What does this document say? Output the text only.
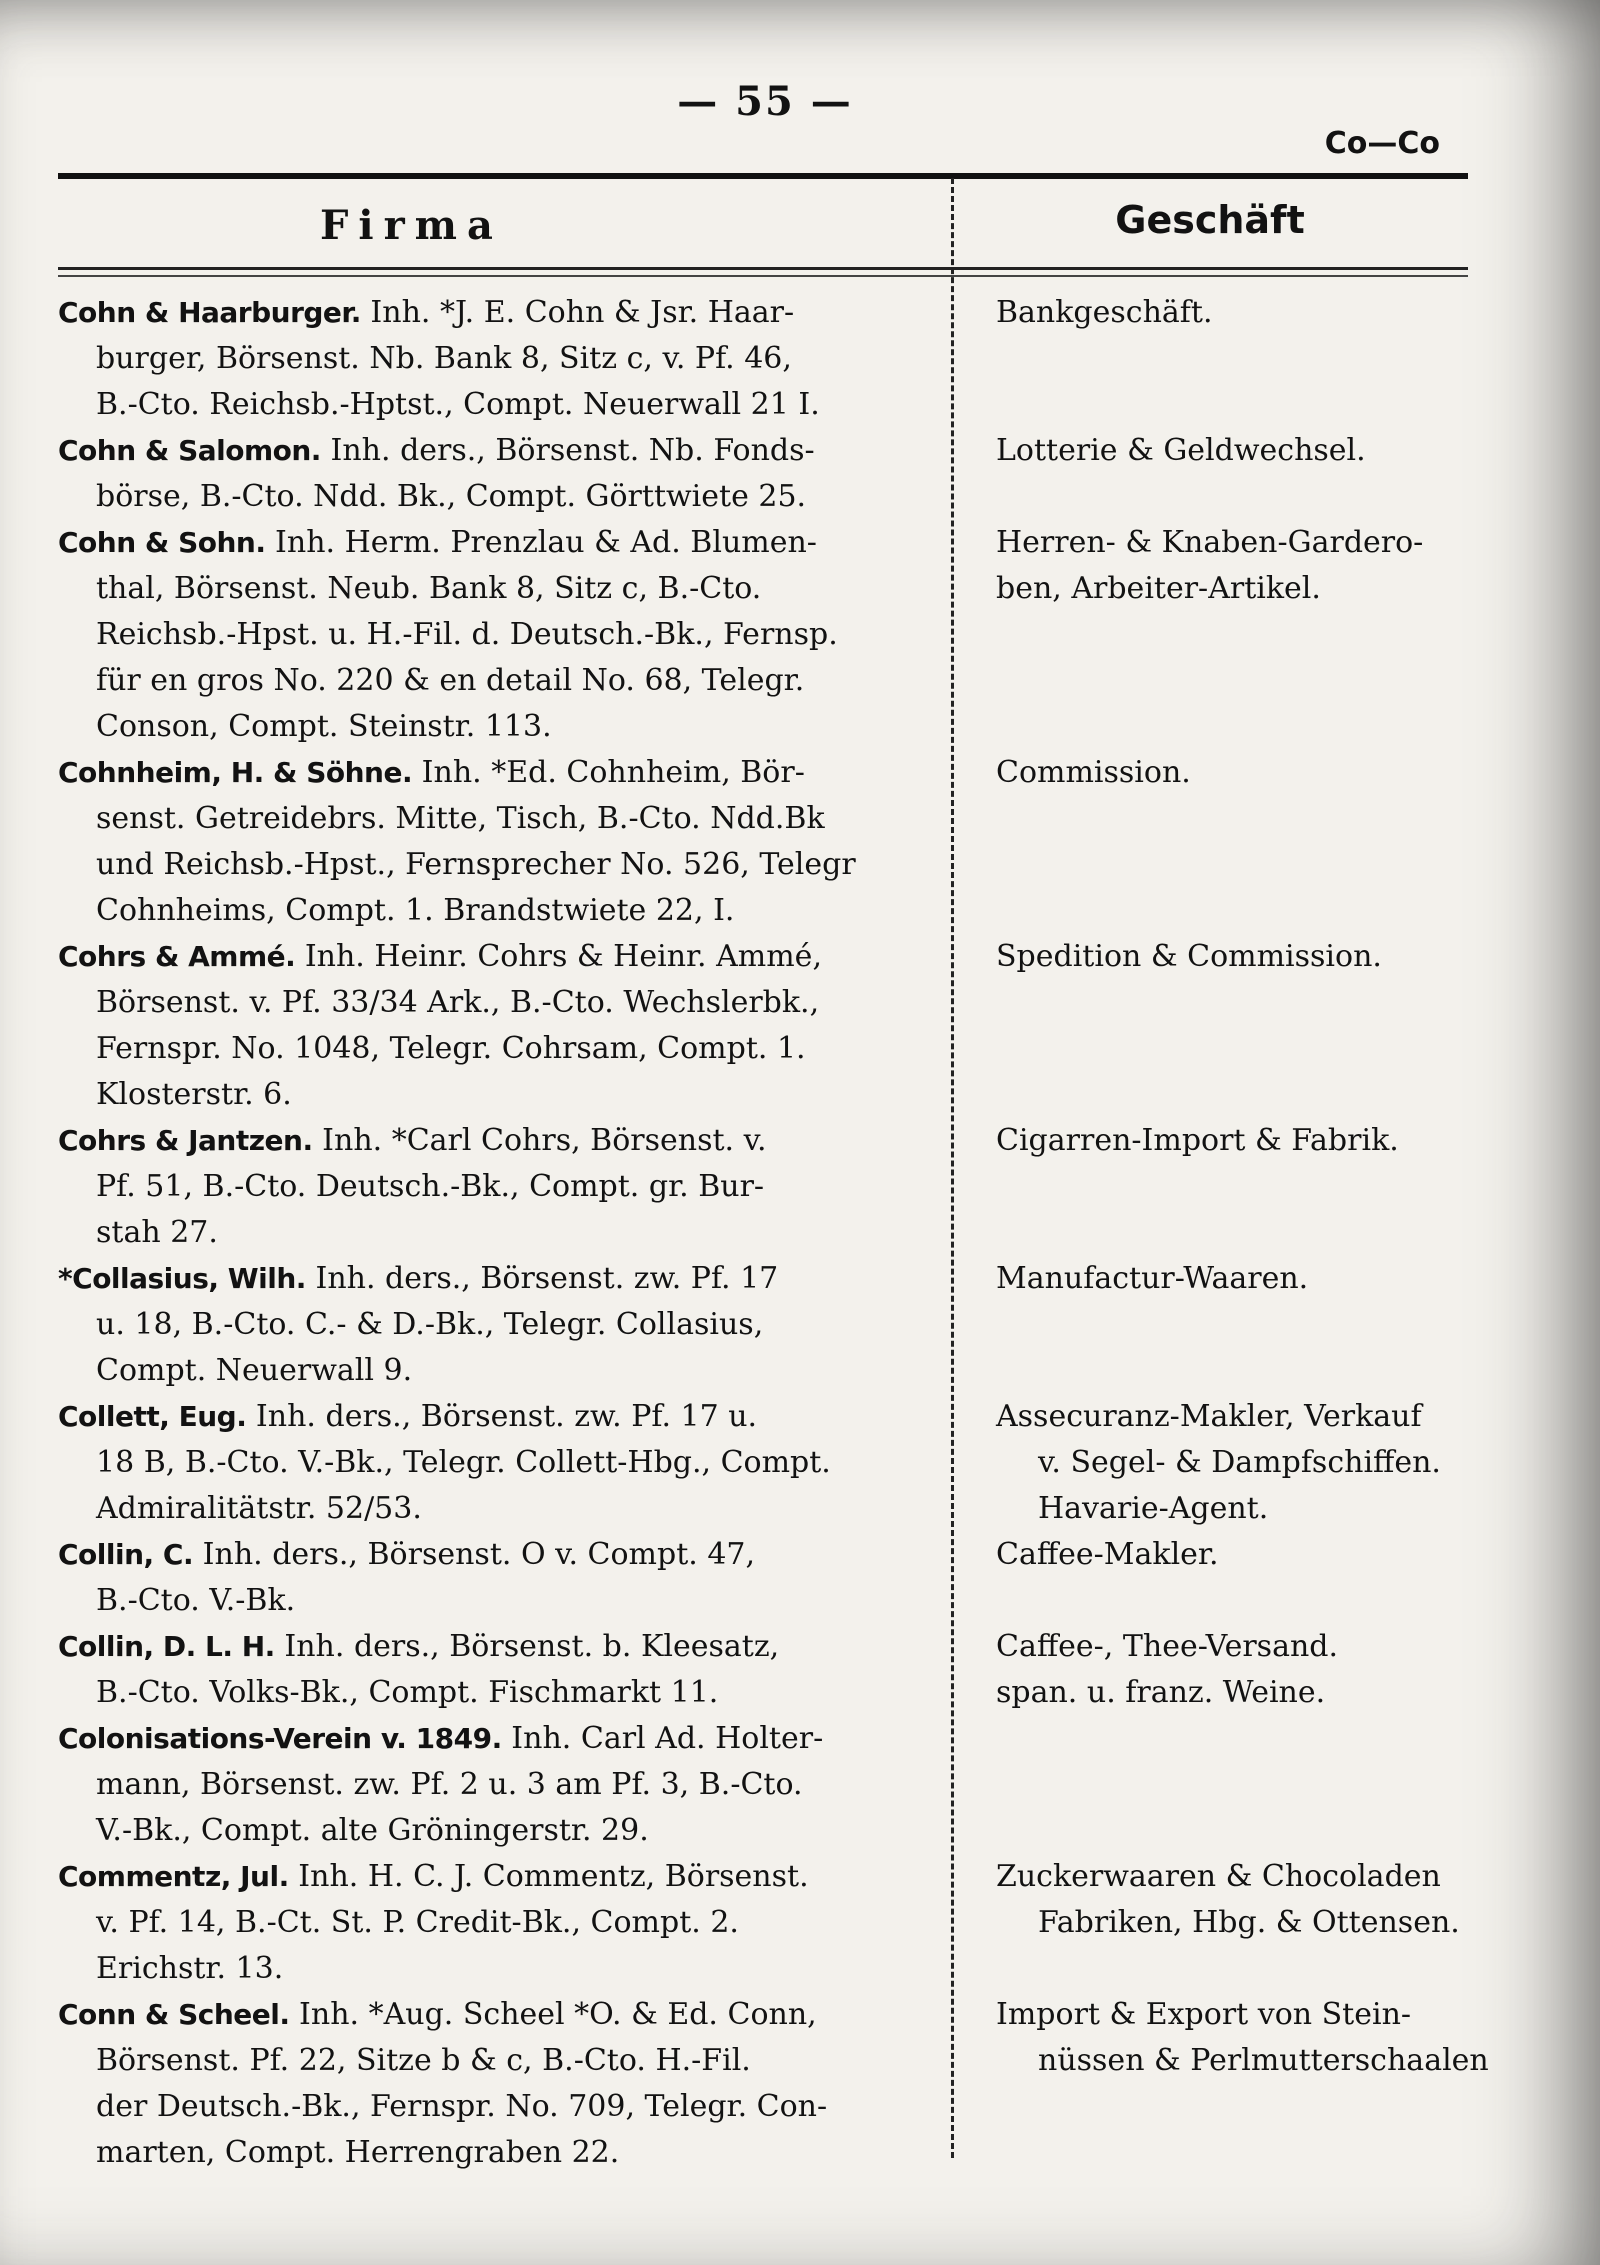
— 55 —
Co—Co
Firma	Geschäft
Cohn & Haarburger. Inh. *J. E. Cohn & Jsr. Haar-
burger, Börsenst. Nb. Bank 8, Sitz c, v. Pf. 46,
B.-Cto. Reichsb.-Hptst., Compt. Neuerwall 21 I.
Bankgeschäft.
Cohn & Salomon. Inh. ders., Börsenst. Nb. Fonds-
börse, B.-Cto. Ndd. Bk., Compt. Görttwiete 25.
Lotterie & Geldwechsel.
Cohn & Sohn. Inh. Herm. Prenzlau & Ad. Blumen-
thal, Börsenst. Neub. Bank 8, Sitz c, B.-Cto.
Reichsb.-Hpst. u. H.-Fil. d. Deutsch.-Bk., Fernsp.
für en gros No. 220 & en detail No. 68, Telegr.
Conson, Compt. Steinstr. 113.
Herren- & Knaben-Gardero-
ben, Arbeiter-Artikel.
Cohnheim, H. & Söhne. Inh. *Ed. Cohnheim, Bör-
senst. Getreidebrs. Mitte, Tisch, B.-Cto. Ndd.Bk
und Reichsb.-Hpst., Fernsprecher No. 526, Telegr
Cohnheims, Compt. 1. Brandstwiete 22, I.
Commission.
Cohrs & Ammé. Inh. Heinr. Cohrs & Heinr. Ammé,
Börsenst. v. Pf. 33/34 Ark., B.-Cto. Wechslerbk.,
Fernspr. No. 1048, Telegr. Cohrsam, Compt. 1.
Klosterstr. 6.
Spedition & Commission.
Cohrs & Jantzen. Inh. *Carl Cohrs, Börsenst. v.
Pf. 51, B.-Cto. Deutsch.-Bk., Compt. gr. Bur-
stah 27.
Cigarren-Import & Fabrik.
*Collasius, Wilh. Inh. ders., Börsenst. zw. Pf. 17
u. 18, B.-Cto. C.- & D.-Bk., Telegr. Collasius,
Compt. Neuerwall 9.
Manufactur-Waaren.
Collett, Eug. Inh. ders., Börsenst. zw. Pf. 17 u.
18 B, B.-Cto. V.-Bk., Telegr. Collett-Hbg., Compt.
Admiralitätstr. 52/53.
Assecuranz-Makler, Verkauf
v. Segel- & Dampfschiffen.
Havarie-Agent.
Collin, C. Inh. ders., Börsenst. O v. Compt. 47,
B.-Cto. V.-Bk.
Caffee-Makler.
Collin, D. L. H. Inh. ders., Börsenst. b. Kleesatz,
B.-Cto. Volks-Bk., Compt. Fischmarkt 11.
Caffee-, Thee-Versand.
span. u. franz. Weine.
Colonisations-Verein v. 1849. Inh. Carl Ad. Holter-
mann, Börsenst. zw. Pf. 2 u. 3 am Pf. 3, B.-Cto.
V.-Bk., Compt. alte Gröningerstr. 29.
Commentz, Jul. Inh. H. C. J. Commentz, Börsenst.
v. Pf. 14, B.-Ct. St. P. Credit-Bk., Compt. 2.
Erichstr. 13.
Zuckerwaaren & Chocoladen
Fabriken, Hbg. & Ottensen.
Conn & Scheel. Inh. *Aug. Scheel *O. & Ed. Conn,
Börsenst. Pf. 22, Sitze b & c, B.-Cto. H.-Fil.
der Deutsch.-Bk., Fernspr. No. 709, Telegr. Con-
marten, Compt. Herrengraben 22.
Import & Export von Stein-
nüssen & Perlmutterschaalen
